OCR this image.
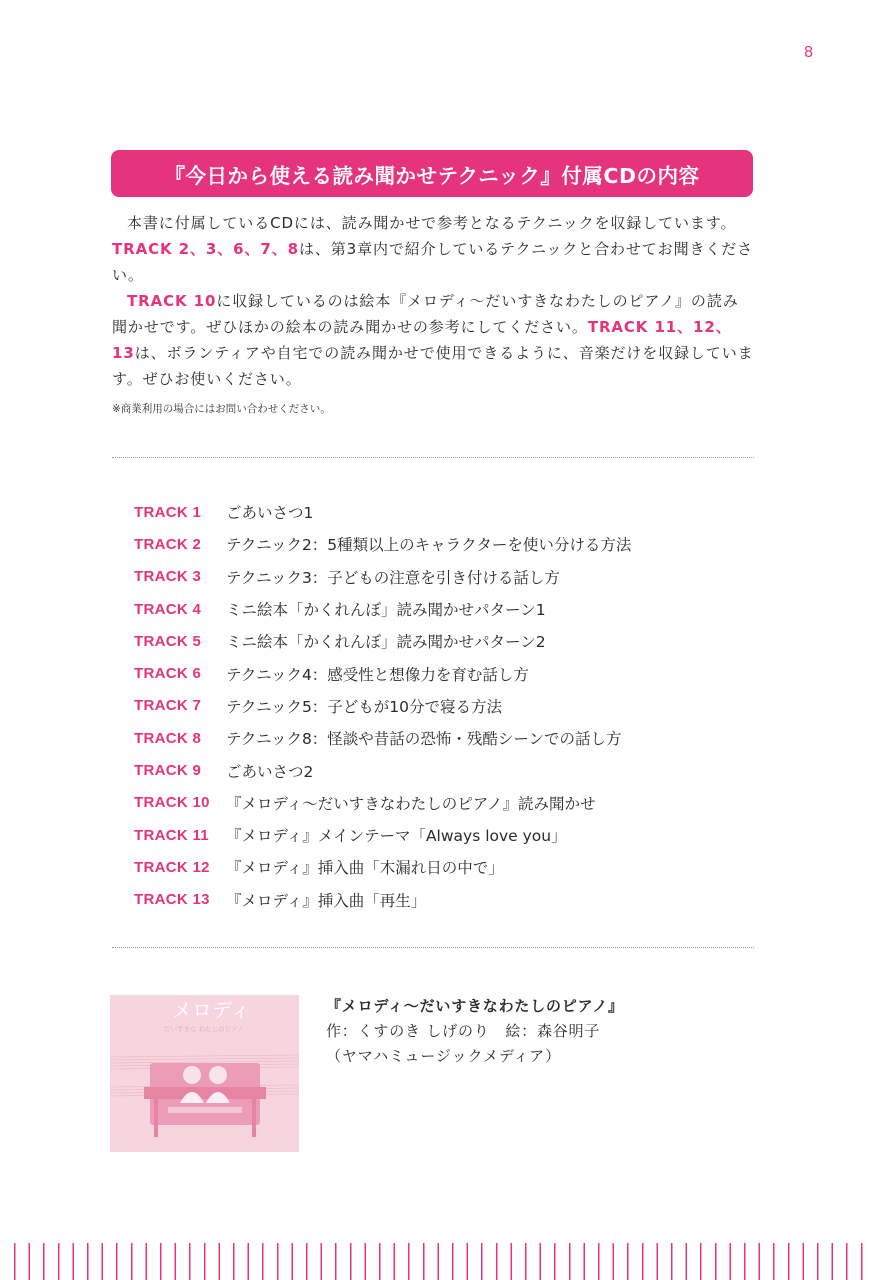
8
『今日から使える読み聞かせテクニック』付属CDの内容

本書に付属しているCDには、読み聞かせで参考となるテクニックを収録しています。TRACK 2、3、6、7、8は、第3章内で紹介しているテクニックと合わせてお聞きください。

TRACK 10に収録しているのは絵本『メロディ〜だいすきなわたしのピアノ』の読み聞かせです。ぜひほかの絵本の読み聞かせの参考にしてください。TRACK 11、12、13は、ボランティアや自宅での読み聞かせで使用できるように、音楽だけを収録しています。ぜひお使いください。

※商業利用の場合にはお問い合わせください。
TRACK 1	ごあいさつ1
TRACK 2	テクニック2：5種類以上のキャラクターを使い分ける方法
TRACK 3	テクニック3：子どもの注意を引き付ける話し方
TRACK 4	ミニ絵本「かくれんぼ」読み聞かせパターン1
TRACK 5	ミニ絵本「かくれんぼ」読み聞かせパターン2
TRACK 6	テクニック4：感受性と想像力を育む話し方
TRACK 7	テクニック5：子どもが10分で寝る方法
TRACK 8	テクニック8：怪談や昔話の恐怖・残酷シーンでの話し方
TRACK 9	ごあいさつ2
TRACK 10	『メロディ〜だいすきなわたしのピアノ』読み聞かせ
TRACK 11	『メロディ』メインテーマ「Always love you」
TRACK 12	『メロディ』挿入曲「木漏れ日の中で」
TRACK 13	『メロディ』挿入曲「再生」
メロディ
だいすきな わたしのピアノ
『メロディ〜だいすきなわたしのピアノ』
作：くすのき しげのり　絵：森谷明子
（ヤマハミュージックメディア）
